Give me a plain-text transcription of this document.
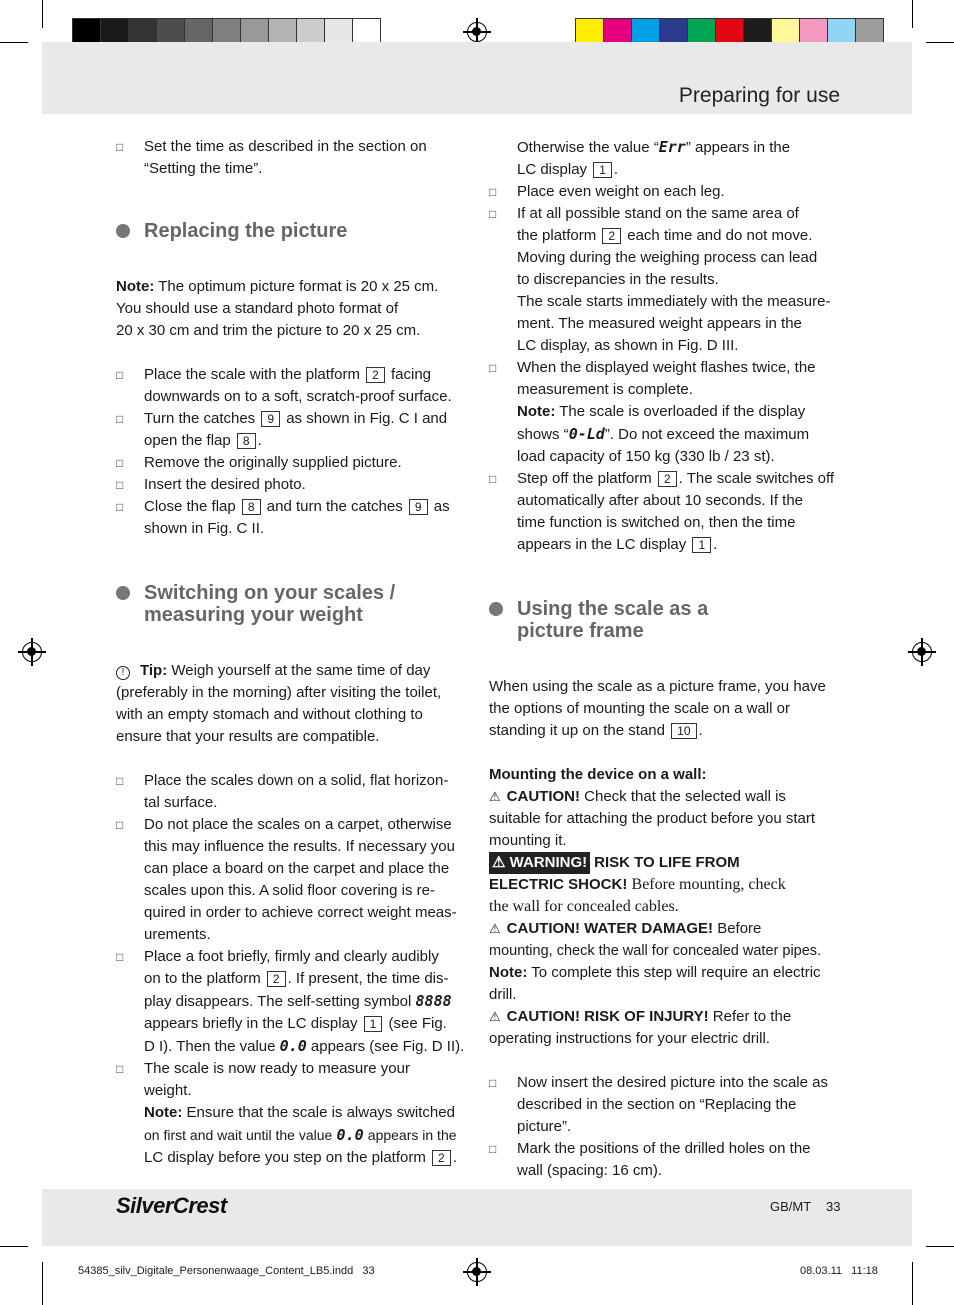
Preparing for use
□ Set the time as described in the section on “Setting the time”.
Replacing the picture

Note: The optimum picture format is 20 x 25 cm.
You should use a standard photo format of
20 x 30 cm and trim the picture to 20 x 25 cm.

□ Place the scale with the platform 2 facing
downwards on to a soft, scratch-proof surface.
□ Turn the catches 9 as shown in Fig. C I and
open the flap 8 .
□ Remove the originally supplied picture.
□ Insert the desired photo.
□ Close the flap 8 and turn the catches 9 as
shown in Fig. C II.
Switching on your scales /
measuring your weight

! Tip: Weigh yourself at the same time of day
(preferably in the morning) after visiting the toilet,
with an empty stomach and without clothing to
ensure that your results are compatible.

□ Place the scales down on a solid, flat horizon-
tal surface.
□ Do not place the scales on a carpet, otherwise
this may influence the results. If necessary you
can place a board on the carpet and place the
scales upon this. A solid floor covering is re-
quired in order to achieve correct weight meas-
urements.
□ Place a foot briefly, firmly and clearly audibly
on to the platform 2 . If present, the time dis-
play disappears. The self-setting symbol 8888
appears briefly in the LC display 1 (see Fig.
D I). Then the value 0.0 appears (see Fig. D II).
□ The scale is now ready to measure your
weight.
Note: Ensure that the scale is always switched
on first and wait until the value 0.0 appears in the
LC display before you step on the platform 2 .

Otherwise the value “Err” appears in the
LC display 1 .

□ Place even weight on each leg.
□ If at all possible stand on the same area of
the platform 2 each time and do not move.
Moving during the weighing process can lead
to discrepancies in the results.
The scale starts immediately with the measure-
ment. The measured weight appears in the
LC display, as shown in Fig. D III.
□ When the displayed weight flashes twice, the
measurement is complete.
Note: The scale is overloaded if the display
shows “0-Ld”. Do not exceed the maximum
load capacity of 150 kg (330 lb / 23 st).
□ Step off the platform 2 . The scale switches off
automatically after about 10 seconds. If the
time function is switched on, then the time
appears in the LC display 1 .
Using the scale as a
picture frame

When using the scale as a picture frame, you have
the options of mounting the scale on a wall or
standing it up on the stand 10 .

Mounting the device on a wall:

⚠ CAUTION! Check that the selected wall is
suitable for attaching the product before you start
mounting it.

⚠ WARNING! RISK TO LIFE FROM
ELECTRIC SHOCK! Before mounting, check
the wall for concealed cables.

⚠ CAUTION! WATER DAMAGE! Before
mounting, check the wall for concealed water pipes.

Note: To complete this step will require an electric
drill.

⚠ CAUTION! RISK OF INJURY! Refer to the
operating instructions for your electric drill.

□ Now insert the desired picture into the scale as
described in the section on “Replacing the
picture”.
□ Mark the positions of the drilled holes on the
wall (spacing: 16 cm).
SilverCrest	GB/MT 33
54385_silv_Digitale_Personenwaage_Content_LB5.indd   33	08.03.11   11:18
